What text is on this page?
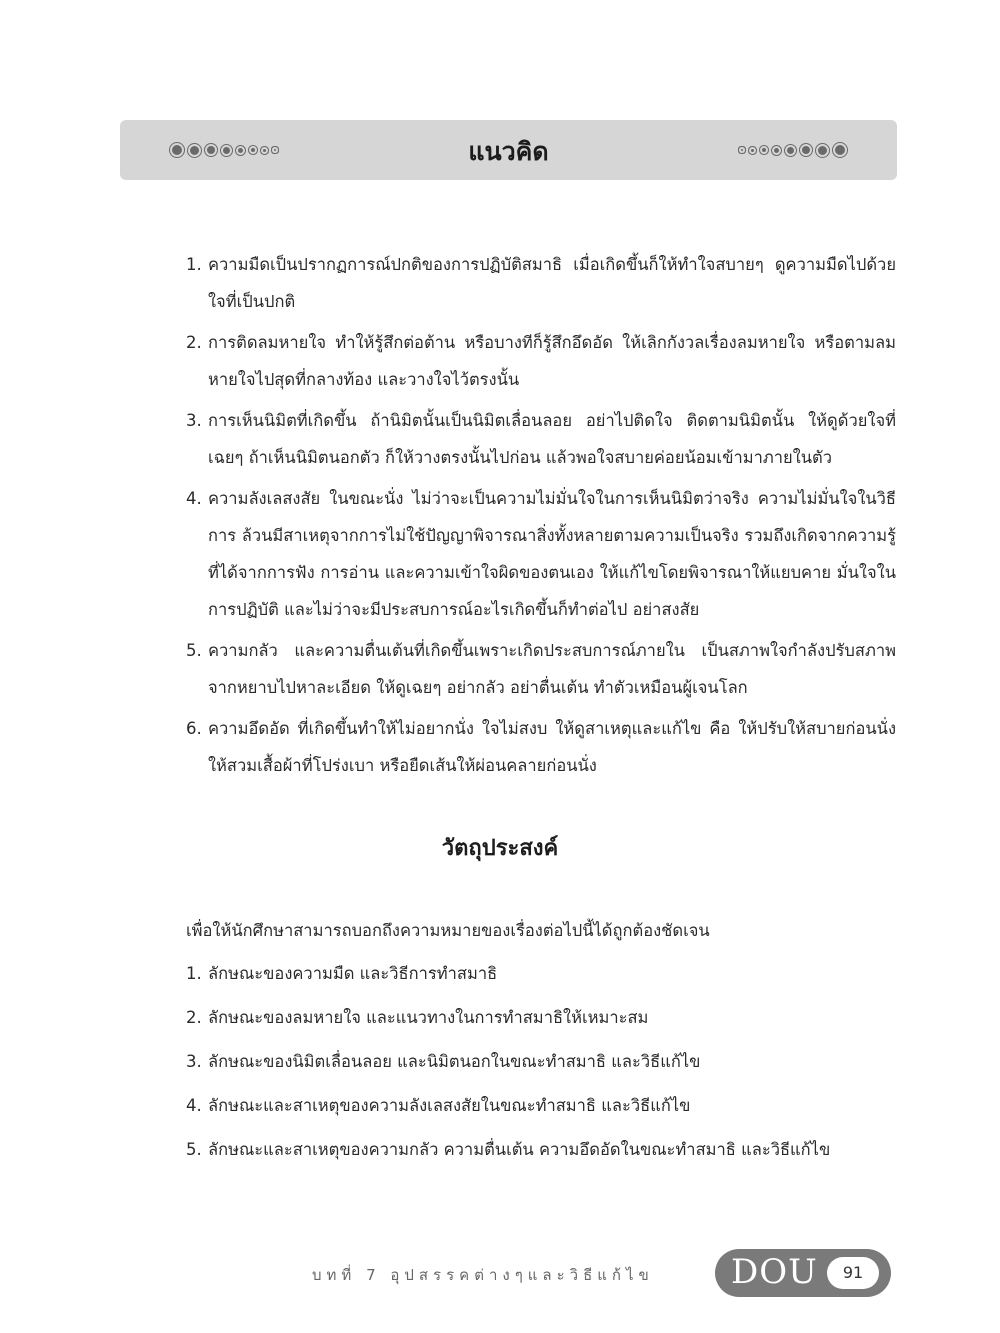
แนวคิด
1. ความมืดเป็นปรากฏการณ์ปกติของการปฏิบัติสมาธิ เมื่อเกิดขึ้นก็ให้ทำใจสบายๆ ดูความมืดไปด้วยใจที่เป็นปกติ
2. การติดลมหายใจ ทำให้รู้สึกต่อต้าน หรือบางทีก็รู้สึกอึดอัด ให้เลิกกังวลเรื่องลมหายใจ หรือตามลมหายใจไปสุดที่กลางท้อง และวางใจไว้ตรงนั้น
3. การเห็นนิมิตที่เกิดขึ้น ถ้านิมิตนั้นเป็นนิมิตเลื่อนลอย อย่าไปติดใจ ติดตามนิมิตนั้น ให้ดูด้วยใจที่เฉยๆ ถ้าเห็นนิมิตนอกตัว ก็ให้วางตรงนั้นไปก่อน แล้วพอใจสบายค่อยน้อมเข้ามาภายในตัว
4. ความลังเลสงสัย ในขณะนั่ง ไม่ว่าจะเป็นความไม่มั่นใจในการเห็นนิมิตว่าจริง ความไม่มั่นใจในวิธีการ ล้วนมีสาเหตุจากการไม่ใช้ปัญญาพิจารณาสิ่งทั้งหลายตามความเป็นจริง รวมถึงเกิดจากความรู้ที่ได้จากการฟัง การอ่าน และความเข้าใจผิดของตนเอง ให้แก้ไขโดยพิจารณาให้แยบคาย มั่นใจในการปฏิบัติ และไม่ว่าจะมีประสบการณ์อะไรเกิดขึ้นก็ทำต่อไป อย่าสงสัย
5. ความกลัว และความตื่นเต้นที่เกิดขึ้นเพราะเกิดประสบการณ์ภายใน เป็นสภาพใจกำลังปรับสภาพจากหยาบไปหาละเอียด ให้ดูเฉยๆ อย่ากลัว อย่าตื่นเต้น ทำตัวเหมือนผู้เจนโลก
6. ความอึดอัด ที่เกิดขึ้นทำให้ไม่อยากนั่ง ใจไม่สงบ ให้ดูสาเหตุและแก้ไข คือ ให้ปรับให้สบายก่อนนั่ง ให้สวมเสื้อผ้าที่โปร่งเบา หรือยืดเส้นให้ผ่อนคลายก่อนนั่ง
วัตถุประสงค์
เพื่อให้นักศึกษาสามารถบอกถึงความหมายของเรื่องต่อไปนี้ได้ถูกต้องชัดเจน
1. ลักษณะของความมืด และวิธีการทำสมาธิ
2. ลักษณะของลมหายใจ และแนวทางในการทำสมาธิให้เหมาะสม
3. ลักษณะของนิมิตเลื่อนลอย และนิมิตนอกในขณะทำสมาธิ และวิธีแก้ไข
4. ลักษณะและสาเหตุของความลังเลสงสัยในขณะทำสมาธิ และวิธีแก้ไข
5. ลักษณะและสาเหตุของความกลัว ความตื่นเต้น ความอึดอัดในขณะทำสมาธิ และวิธีแก้ไข
บทที่ 7 อุปสรรคต่างๆและวิธีแก้ไข DOU	91
